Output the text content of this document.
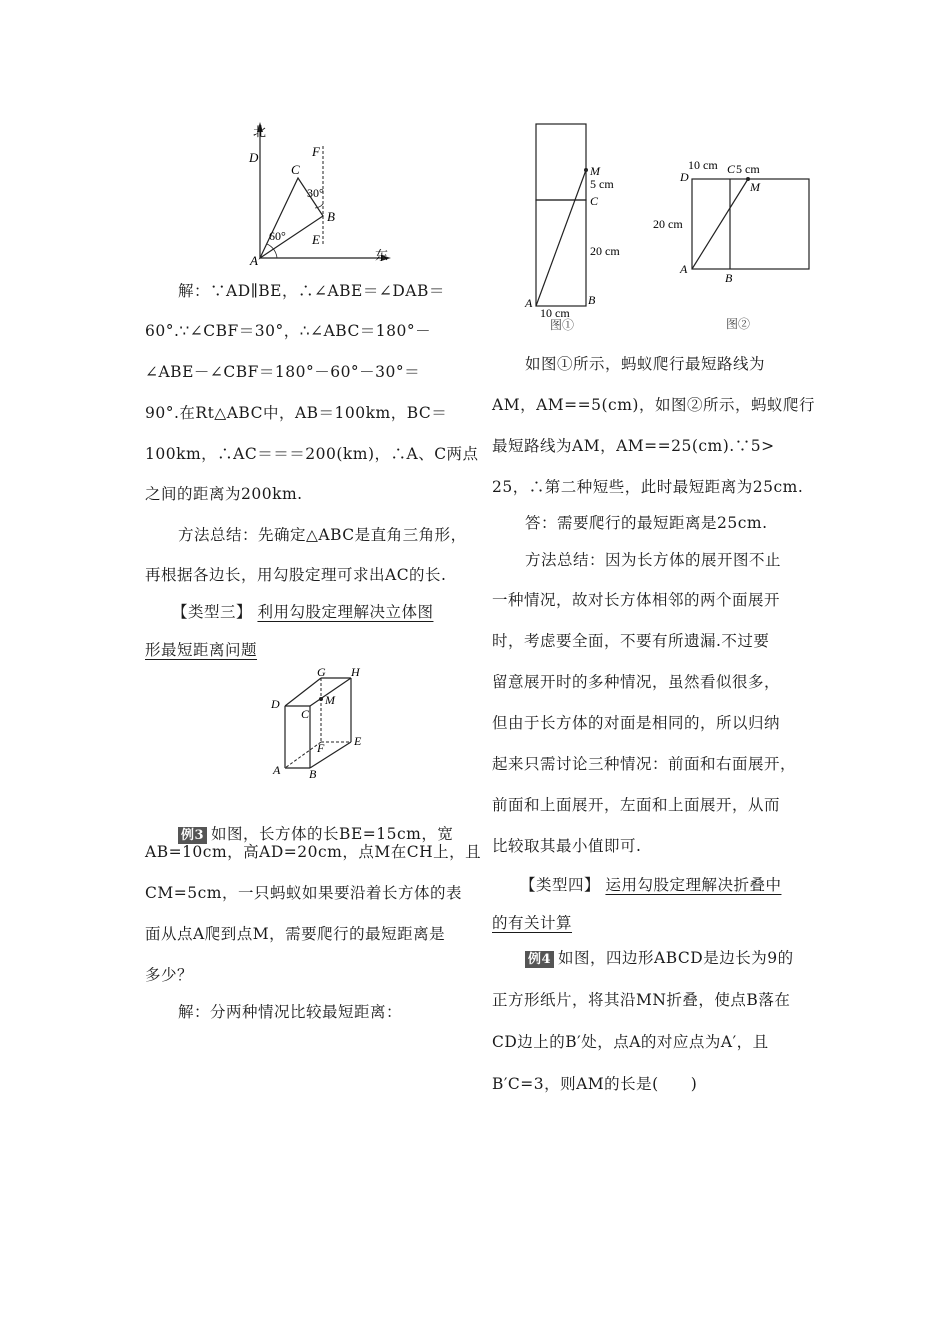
北
东
D
C
F
B
E
A
30°
60°
解：∵AD∥BE，∴∠ABE＝∠DAB＝
60°.∵∠CBF＝30°，∴∠ABC＝180°－
∠ABE－∠CBF＝180°－60°－30°＝
90°.在Rt△ABC中，AB＝100km，BC＝
100km，∴AC＝＝＝200(km)，∴A、C两点
之间的距离为200km.
方法总结：先确定△ABC是直角三角形，
再根据各边长，用勾股定理可求出AC的长.
【类型三】 利用勾股定理解决立体图
形最短距离问题
G H
D
C
M
F E
A B
例3 如图，长方体的长BE=15cm，宽
AB=10cm，高AD=20cm，点M在CH上，且
CM=5cm，一只蚂蚁如果要沿着长方体的表
面从点A爬到点M，需要爬行的最短距离是
多少？
解：分两种情况比较最短距离：
M
5 cm
C
20 cm
A	B
10 cm
图①
10 cm C 5 cm
D
M
20 cm
A
B
图②
如图①所示，蚂蚁爬行最短路线为
AM，AM==5(cm)，如图②所示，蚂蚁爬行
最短路线为AM，AM==25(cm).∵5>
25，∴第二种短些，此时最短距离为25cm.
答：需要爬行的最短距离是25cm.
方法总结：因为长方体的展开图不止
一种情况，故对长方体相邻的两个面展开
时，考虑要全面，不要有所遗漏.不过要
留意展开时的多种情况，虽然看似很多，
但由于长方体的对面是相同的，所以归纳
起来只需讨论三种情况：前面和右面展开，
前面和上面展开，左面和上面展开，从而
比较取其最小值即可.
【类型四】 运用勾股定理解决折叠中
的有关计算
例4 如图，四边形ABCD是边长为9的
正方形纸片，将其沿MN折叠，使点B落在
CD边上的B′处，点A的对应点为A′，且
B′C=3，则AM的长是(　　)
